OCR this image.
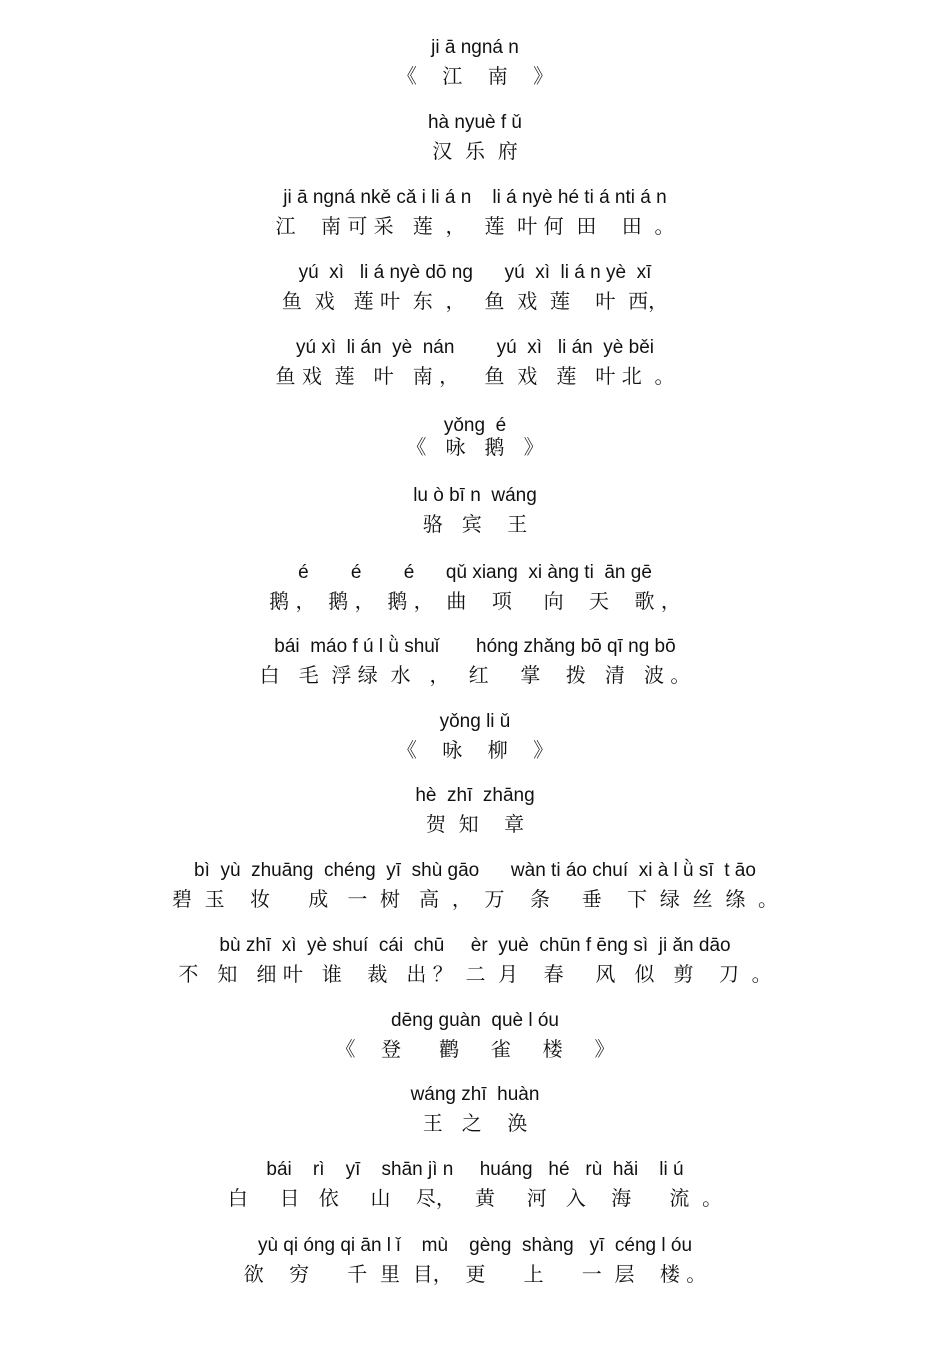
ji ā ngná n
《    江    南    》
hà nyuè f ǔ
汉  乐  府
ji ā ngná nkě cǎ i li á n    li á nyè hé ti á nti á n
江    南 可 采   莲  ，   莲  叶 何  田    田  。
yú  xì   li á nyè dō ng      yú  xì  li á n yè  xī
鱼  戏   莲 叶  东  ，   鱼  戏  莲    叶  西，
yú xì  li án  yè  nán        yú  xì   li án  yè běi
鱼 戏  莲   叶   南 ，    鱼  戏   莲   叶 北  。
yǒng  é
《   咏   鹅   》
lu ò bī n  wáng
骆   宾    王
é        é        é      qǔ xiang  xi àng ti  ān gē
鹅 ，  鹅 ，  鹅 ，  曲    项     向    天    歌 ，
bái  máo f ú l ǜ shuǐ       hóng zhǎng bō qī ng bō
白   毛  浮 绿  水   ，   红     掌    拨   清   波 。
yǒng li ǔ
《    咏    柳    》
hè  zhī  zhāng
贺  知    章
bì  yù  zhuāng  chéng  yī  shù gāo      wàn ti áo chuí  xi à l ǜ sī  t āo
碧  玉    妆      成   一  树   高  ，  万    条     垂    下  绿  丝  绦  。
bù zhī  xì  yè shuí  cái  chū     èr  yuè  chūn f ēng sì  ji ǎn dāo
不   知   细 叶   谁    裁   出 ？  二  月    春     风   似   剪    刀  。
dēng guàn  què l óu
《    登      鹳     雀     楼     》
wáng zhī  huàn
王   之    涣
bái    rì    yī    shān jì n     huáng   hé   rù  hǎi    li ú
白     日   依     山    尽，   黄     河   入    海      流  。
yù qi óng qi ān l ǐ    mù    gèng  shàng   yī  céng l óu
欲    穷      千  里  目，  更      上      一  层    楼 。
